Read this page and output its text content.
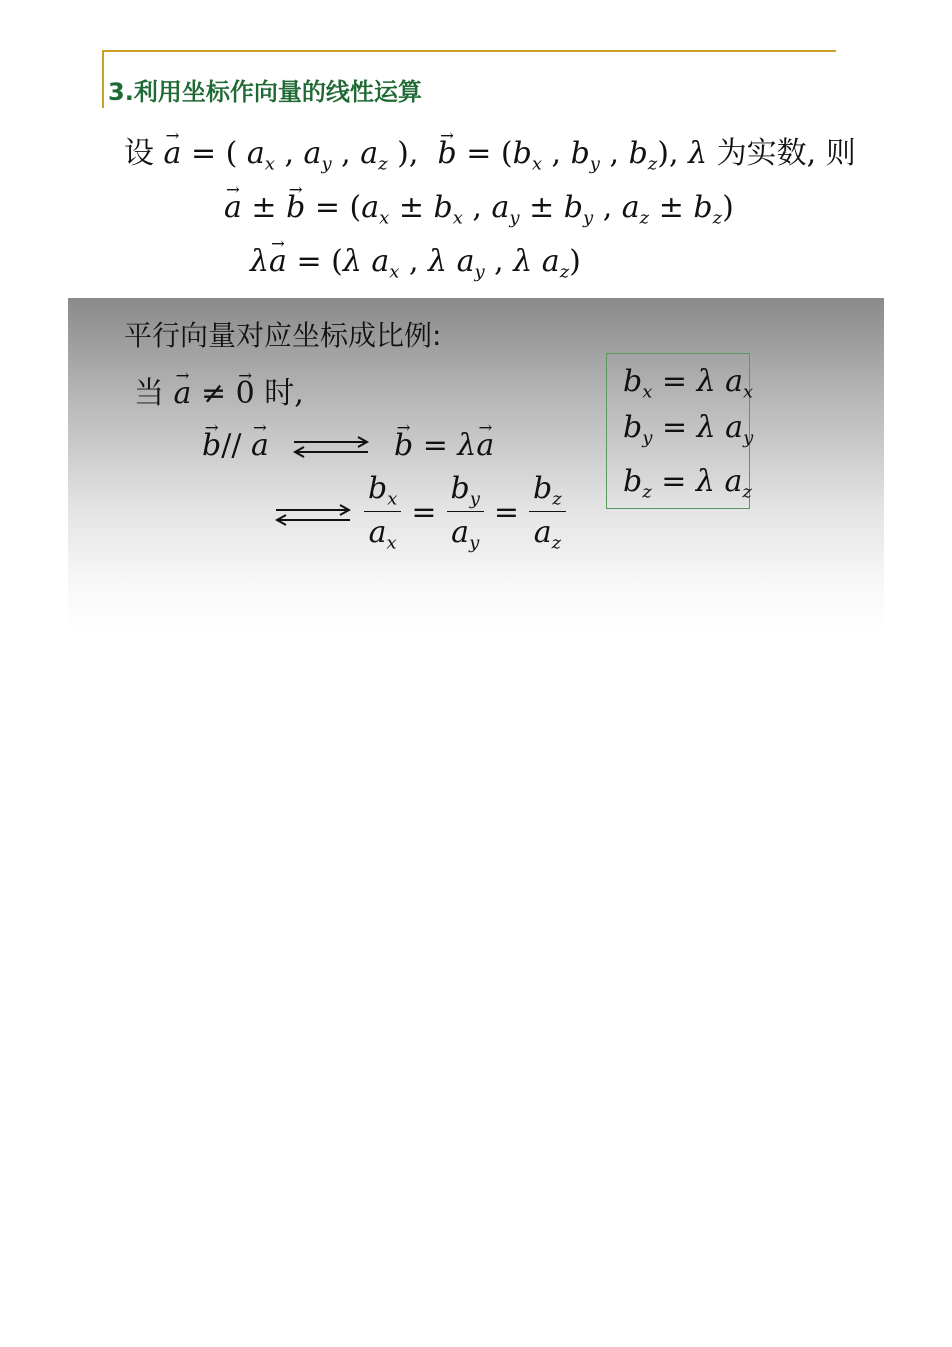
3.利用坐标作向量的线性运算
设 → a = ( $a_x$ , $a_y$ , $a_z$ ),  → $b = (b_x$ , $b_y$ , $b_z$), λ 为实数, 则
→ a ± → $b = (a_x \pm b_x$ , $a_y \pm b_y$ , $a_z \pm b_z$)
λ→ a = (λ $a_x$ , λ $a_y$ , λ $a_z$)
平行向量对应坐标成比例:
当 → a ≠ → 0 时,
→ b// → a	→ b = λ→ a
$\frac{b_x}{a_x} = \frac{b_y}{a_y} = \frac{b_z}{a_z}$
$b_x = \lambda$ $a_x$
$b_y = \lambda$ $a_y$
$b_z = \lambda$ $a_z$
